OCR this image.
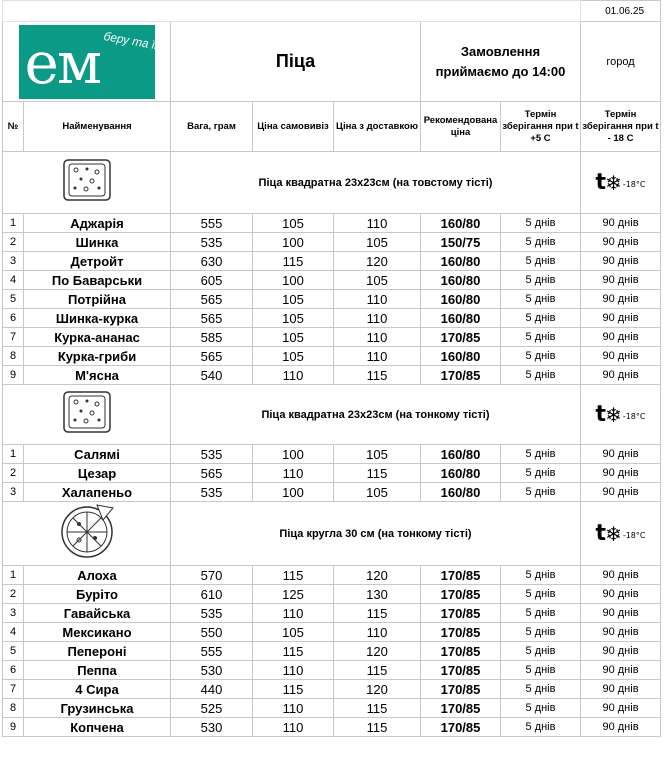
							01.06.25

ем беру та їм!		Піца			Замовлення
приймаємо до 14:00		город
№	Найменування	Вага, грам	Ціна самовивіз	Ціна з доставкою	Рекомендована ціна	Термін зберігання при t +5 С	Термін зберігання при t - 18 С
	Піца квадратна 23х23см (на товстому тісті)					t ❄ -18°C

1	Аджарія	555	105	110	160/80	5 днів	90 днів
2	Шинка	535	100	105	150/75	5 днів	90 днів
3	Детройт	630	115	120	160/80	5 днів	90 днів
4	По Баварськи	605	100	105	160/80	5 днів	90 днів
5	Потрійна	565	105	110	160/80	5 днів	90 днів
6	Шинка-курка	565	105	110	160/80	5 днів	90 днів
7	Курка-ананас	585	105	110	170/85	5 днів	90 днів
8	Курка-гриби	565	105	110	160/80	5 днів	90 днів
9	М'ясна	540	110	115	170/85	5 днів	90 днів
	Піца квадратна 23х23см (на тонкому тісті)					t ❄ -18°C

1	Салямі	535	100	105	160/80	5 днів	90 днів
2	Цезар	565	110	115	160/80	5 днів	90 днів
3	Халапеньо	535	100	105	160/80	5 днів	90 днів
	Піца кругла 30 см (на тонкому тісті)					t ❄ -18°C

1	Алоха	570	115	120	170/85	5 днів	90 днів
2	Буріто	610	125	130	170/85	5 днів	90 днів
3	Гавайська	535	110	115	170/85	5 днів	90 днів
4	Мексикано	550	105	110	170/85	5 днів	90 днів
5	Пепероні	555	115	120	170/85	5 днів	90 днів
6	Пеппа	530	110	115	170/85	5 днів	90 днів
7	4 Сира	440	115	120	170/85	5 днів	90 днів
8	Грузинська	525	110	115	170/85	5 днів	90 днів
9	Копчена	530	110	115	170/85	5 днів	90 днів
